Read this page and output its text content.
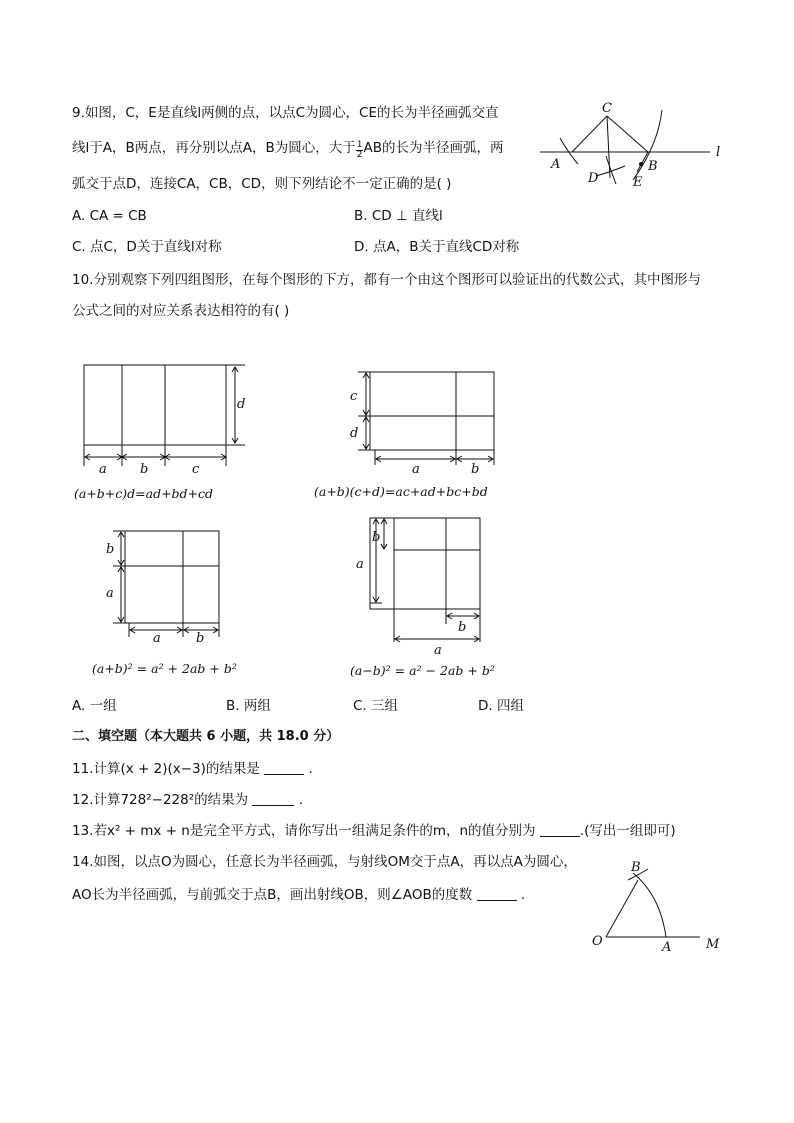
9.如图，C，E是直线l两侧的点，以点C为圆心，CE的长为半径画弧交直
线l于A，B两点，再分别以点A，B为圆心，大于 $\frac{1}{2}$ AB的长为半径画弧，两
弧交于点D，连接CA，CB，CD，则下列结论不一定正确的是( )
A. CA = CB	B. CD ⊥ 直线l
C. 点C，D关于直线l对称	D. 点A，B关于直线CD对称
C
A	B
D	E
l
10.分别观察下列四组图形，在每个图形的下方，都有一个由这个图形可以验证出的代数公式，其中图形与
公式之间的对应关系表达相符的有( )
d
a	b	c
(a+b+c)d=ad+bd+cd
c
d
a	b
(a+b)(c+d)=ac+ad+bc+bd
b
a
a	b
(a+b)² = a² + 2ab + b²
b
a
b
a
(a−b)² = a² − 2ab + b²
A. 一组	B. 两组	C. 三组	D. 四组
二、填空题（本大题共 6 小题，共 18.0 分）
11.计算(x + 2)(x−3)的结果是	.
12.计算728²−228²的结果为	.
13.若x² + mx + n是完全平方式，请你写出一组满足条件的m，n的值分别为	.(写出一组即可)
14.如图，以点O为圆心，任意长为半径画弧，与射线OM交于点A，再以点A为圆心，
AO长为半径画弧，与前弧交于点B，画出射线OB，则∠AOB的度数	.
O	A
B
M
